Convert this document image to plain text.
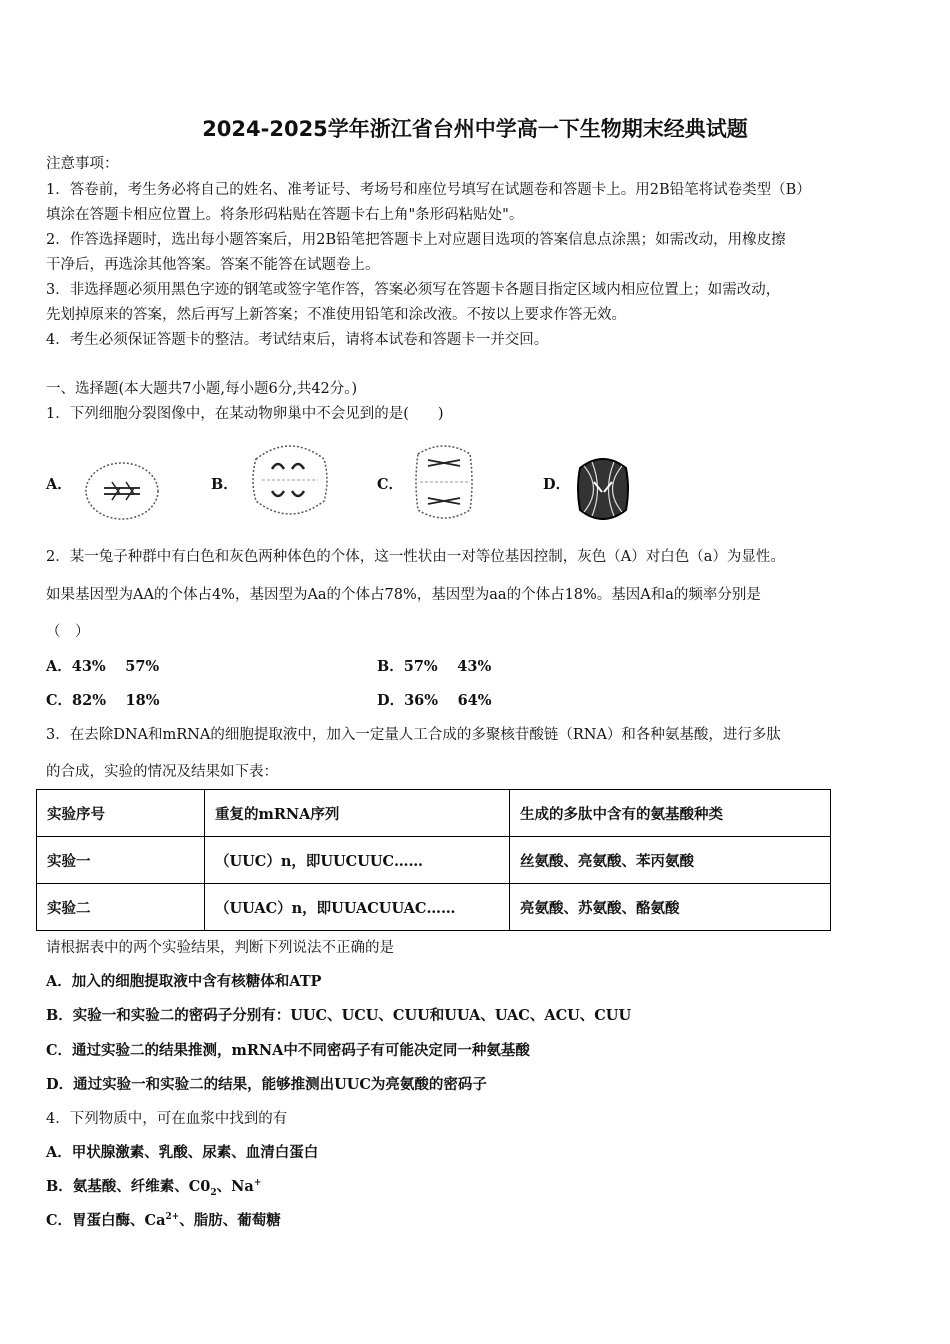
2024-2025学年浙江省台州中学高一下生物期末经典试题
注意事项：
1．答卷前，考生务必将自己的姓名、准考证号、考场号和座位号填写在试题卷和答题卡上。用2B铅笔将试卷类型（B）
填涂在答题卡相应位置上。将条形码粘贴在答题卡右上角"条形码粘贴处"。
2．作答选择题时，选出每小题答案后，用2B铅笔把答题卡上对应题目选项的答案信息点涂黑；如需改动，用橡皮擦
干净后，再选涂其他答案。答案不能答在试题卷上。
3．非选择题必须用黑色字迹的钢笔或签字笔作答，答案必须写在答题卡各题目指定区域内相应位置上；如需改动，
先划掉原来的答案，然后再写上新答案；不准使用铅笔和涂改液。不按以上要求作答无效。
4．考生必须保证答题卡的整洁。考试结束后，请将本试卷和答题卡一并交回。
一、选择题(本大题共7小题,每小题6分,共42分。)
1．下列细胞分裂图像中，在某动物卵巢中不会见到的是(　　)
A．	B．	C．	D．
2．某一兔子种群中有白色和灰色两种体色的个体，这一性状由一对等位基因控制，灰色（A）对白色（a）为显性。
如果基因型为AA的个体占4%，基因型为Aa的个体占78%，基因型为aa的个体占18%。基因A和a的频率分别是
（　）
A．43%　 57%	B．57%　 43%
C．82%　 18%	D．36%　 64%
3．在去除DNA和mRNA的细胞提取液中，加入一定量人工合成的多聚核苷酸链（RNA）和各种氨基酸，进行多肽
的合成，实验的情况及结果如下表：
实验序号	重复的mRNA序列	生成的多肽中含有的氨基酸种类
实验一	（UUC）n，即UUCUUC……	丝氨酸、亮氨酸、苯丙氨酸
实验二	（UUAC）n，即UUACUUAC……	亮氨酸、苏氨酸、酪氨酸
请根据表中的两个实验结果，判断下列说法不正确的是
A．加入的细胞提取液中含有核糖体和ATP
B．实验一和实验二的密码子分别有：UUC、UCU、CUU和UUA、UAC、ACU、CUU
C．通过实验二的结果推测，mRNA中不同密码子有可能决定同一种氨基酸
D．通过实验一和实验二的结果，能够推测出UUC为亮氨酸的密码子
4．下列物质中，可在血浆中找到的有
A．甲状腺激素、乳酸、尿素、血清白蛋白
B．氨基酸、纤维素、$C0_2$、Na+
C．胃蛋白酶、$Ca^{2+}$、脂肪、葡萄糖
